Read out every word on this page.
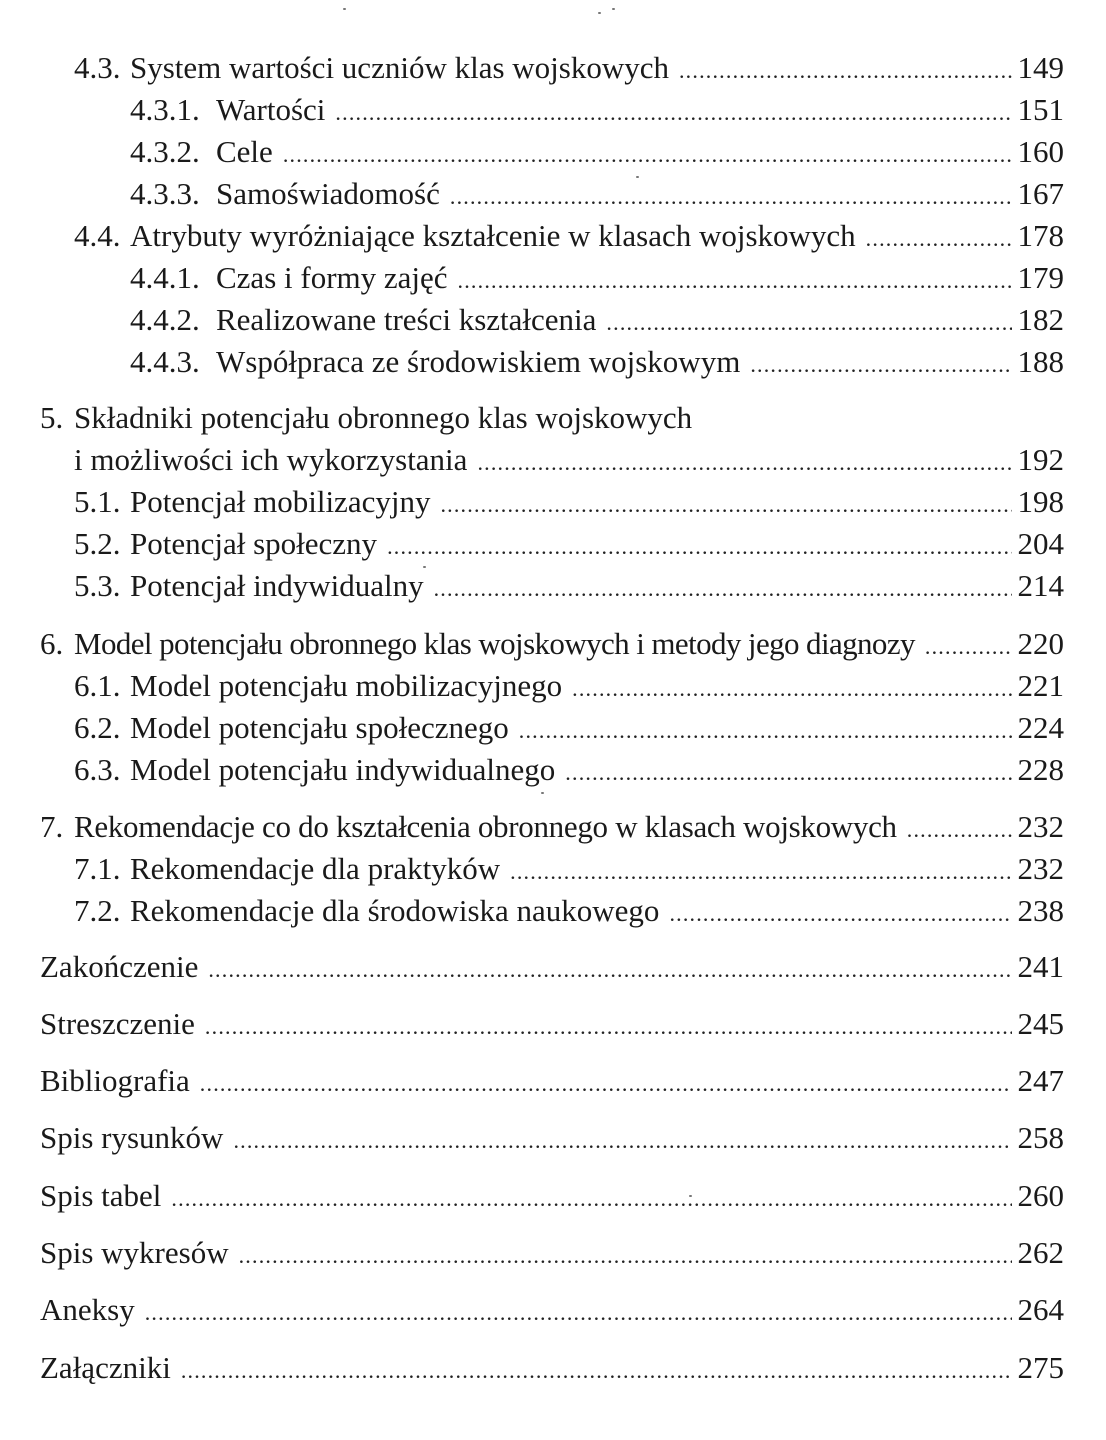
4.3. System wartości uczniów klas wojskowych .....	149
4.3.1. Wartości .....	151
4.3.2. Cele .....	160
4.3.3. Samoświadomość .....	167
4.4. Atrybuty wyróżniające kształcenie w klasach wojskowych .....	178
4.4.1. Czas i formy zajęć .....	179
4.4.2. Realizowane treści kształcenia .....	182
4.4.3. Współpraca ze środowiskiem wojskowym .....	188
5. Składniki potencjału obronnego klas wojskowych
i możliwości ich wykorzystania .....	192
5.1. Potencjał mobilizacyjny .....	198
5.2. Potencjał społeczny .....	204
5.3. Potencjał indywidualny .....	214
6. Model potencjału obronnego klas wojskowych i metody jego diagnozy .....	220
6.1. Model potencjału mobilizacyjnego .....	221
6.2. Model potencjału społecznego .....	224
6.3. Model potencjału indywidualnego .....	228
7. Rekomendacje co do kształcenia obronnego w klasach wojskowych .....	232
7.1. Rekomendacje dla praktyków .....	232
7.2. Rekomendacje dla środowiska naukowego .....	238
Zakończenie .....	241
Streszczenie .....	245
Bibliografia .....	247
Spis rysunków .....	258
Spis tabel .....	260
Spis wykresów .....	262
Aneksy .....	264
Załączniki .....	275
